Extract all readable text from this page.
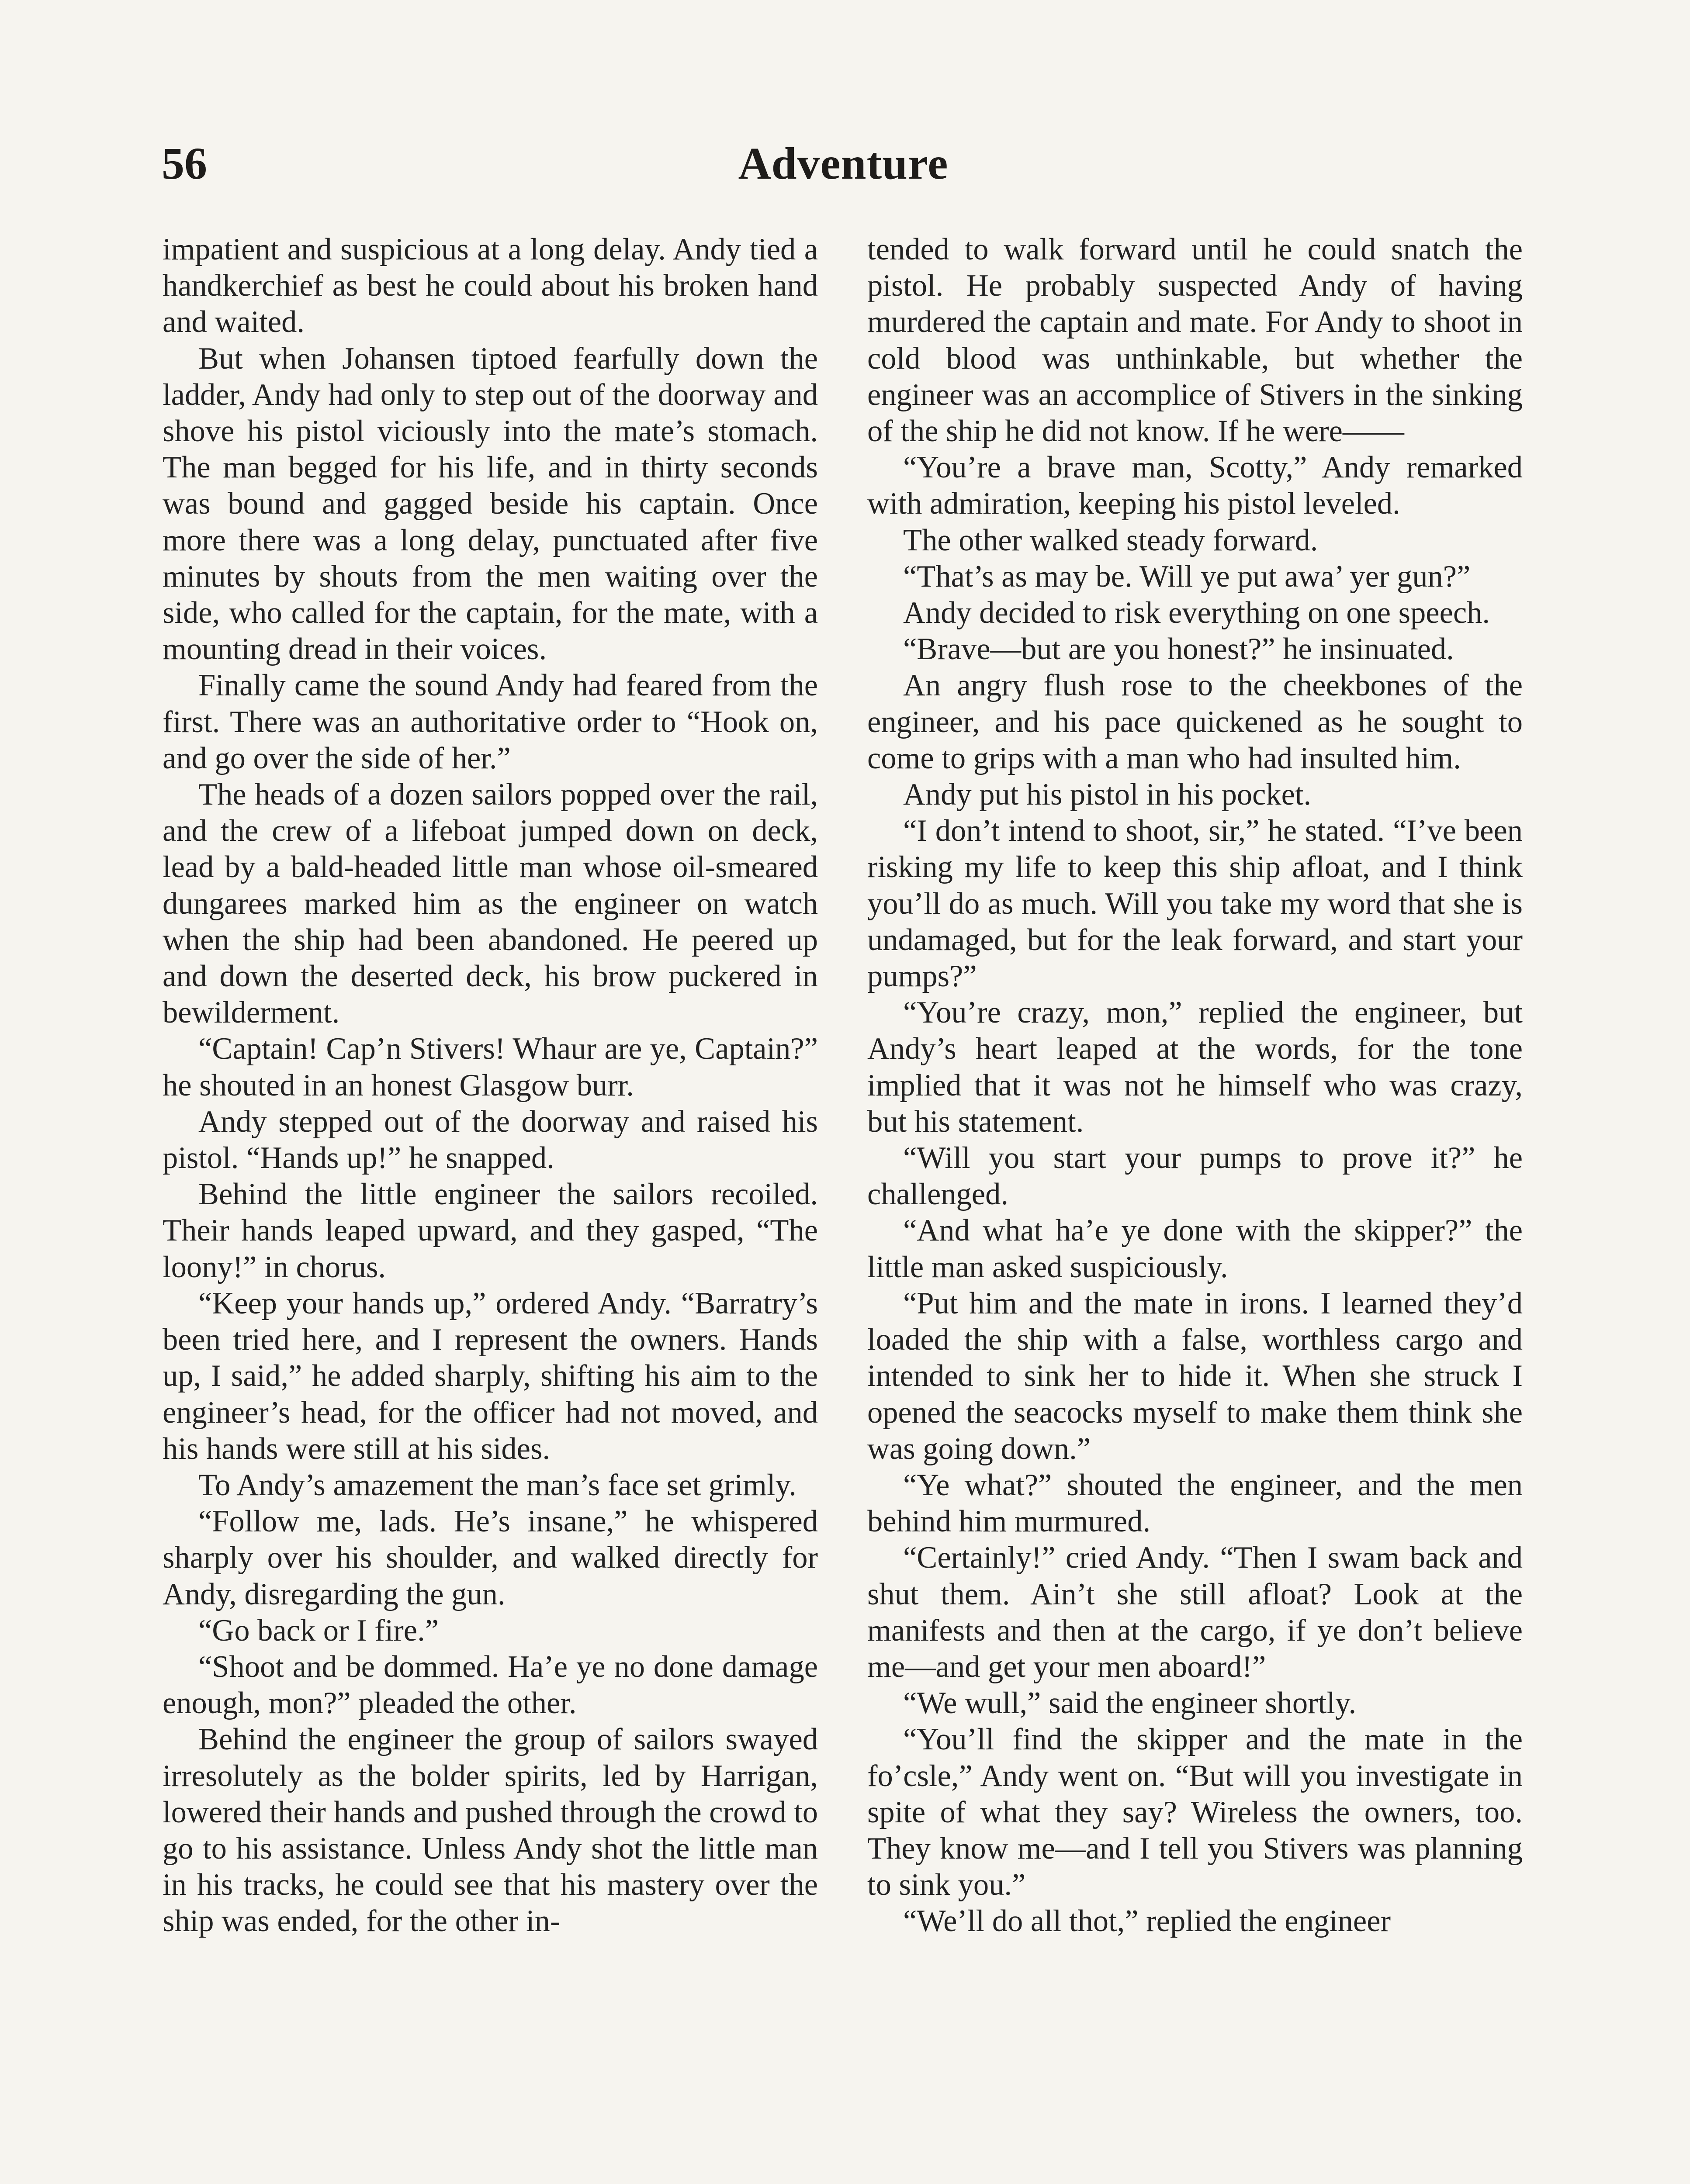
56	Adventure

impatient and suspicious at a long delay. Andy tied a handkerchief as best he could about his broken hand and waited.

But when Johansen tiptoed fearfully down the ladder, Andy had only to step out of the doorway and shove his pistol viciously into the mate’s stomach. The man begged for his life, and in thirty seconds was bound and gagged beside his captain. Once more there was a long delay, punctuated after five minutes by shouts from the men waiting over the side, who called for the captain, for the mate, with a mounting dread in their voices.

Finally came the sound Andy had feared from the first. There was an authoritative order to “Hook on, and go over the side of her.”

The heads of a dozen sailors popped over the rail, and the crew of a lifeboat jumped down on deck, lead by a bald-headed little man whose oil-smeared dungarees marked him as the engineer on watch when the ship had been abandoned. He peered up and down the deserted deck, his brow puckered in bewilderment.

“Captain! Cap’n Stivers! Whaur are ye, Captain?” he shouted in an honest Glasgow burr.

Andy stepped out of the doorway and raised his pistol. “Hands up!” he snapped.

Behind the little engineer the sailors recoiled. Their hands leaped upward, and they gasped, “The loony!” in chorus.

“Keep your hands up,” ordered Andy. “Barratry’s been tried here, and I represent the owners. Hands up, I said,” he added sharply, shifting his aim to the engineer’s head, for the officer had not moved, and his hands were still at his sides.

To Andy’s amazement the man’s face set grimly.

“Follow me, lads. He’s insane,” he whispered sharply over his shoulder, and walked directly for Andy, disregarding the gun.

“Go back or I fire.”

“Shoot and be dommed. Ha’e ye no done damage enough, mon?” pleaded the other.

Behind the engineer the group of sailors swayed irresolutely as the bolder spirits, led by Harrigan, lowered their hands and pushed through the crowd to go to his assistance. Unless Andy shot the little man in his tracks, he could see that his mastery over the ship was ended, for the other in-

tended to walk forward until he could snatch the pistol. He probably suspected Andy of having murdered the captain and mate. For Andy to shoot in cold blood was unthinkable, but whether the engineer was an accomplice of Stivers in the sinking of the ship he did not know. If he were——

“You’re a brave man, Scotty,” Andy remarked with admiration, keeping his pistol leveled.

The other walked steady forward.

“That’s as may be. Will ye put awa’ yer gun?”

Andy decided to risk everything on one speech.

“Brave—but are you honest?” he insinuated.

An angry flush rose to the cheekbones of the engineer, and his pace quickened as he sought to come to grips with a man who had insulted him.

Andy put his pistol in his pocket.

“I don’t intend to shoot, sir,” he stated. “I’ve been risking my life to keep this ship afloat, and I think you’ll do as much. Will you take my word that she is undamaged, but for the leak forward, and start your pumps?”

“You’re crazy, mon,” replied the engineer, but Andy’s heart leaped at the words, for the tone implied that it was not he himself who was crazy, but his statement.

“Will you start your pumps to prove it?” he challenged.

“And what ha’e ye done with the skipper?” the little man asked suspiciously.

“Put him and the mate in irons. I learned they’d loaded the ship with a false, worthless cargo and intended to sink her to hide it. When she struck I opened the seacocks myself to make them think she was going down.”

“Ye what?” shouted the engineer, and the men behind him murmured.

“Certainly!” cried Andy. “Then I swam back and shut them. Ain’t she still afloat? Look at the manifests and then at the cargo, if ye don’t believe me—and get your men aboard!”

“We wull,” said the engineer shortly.

“You’ll find the skipper and the mate in the fo’csle,” Andy went on. “But will you investigate in spite of what they say? Wireless the owners, too. They know me—and I tell you Stivers was planning to sink you.”

“We’ll do all thot,” replied the engineer
